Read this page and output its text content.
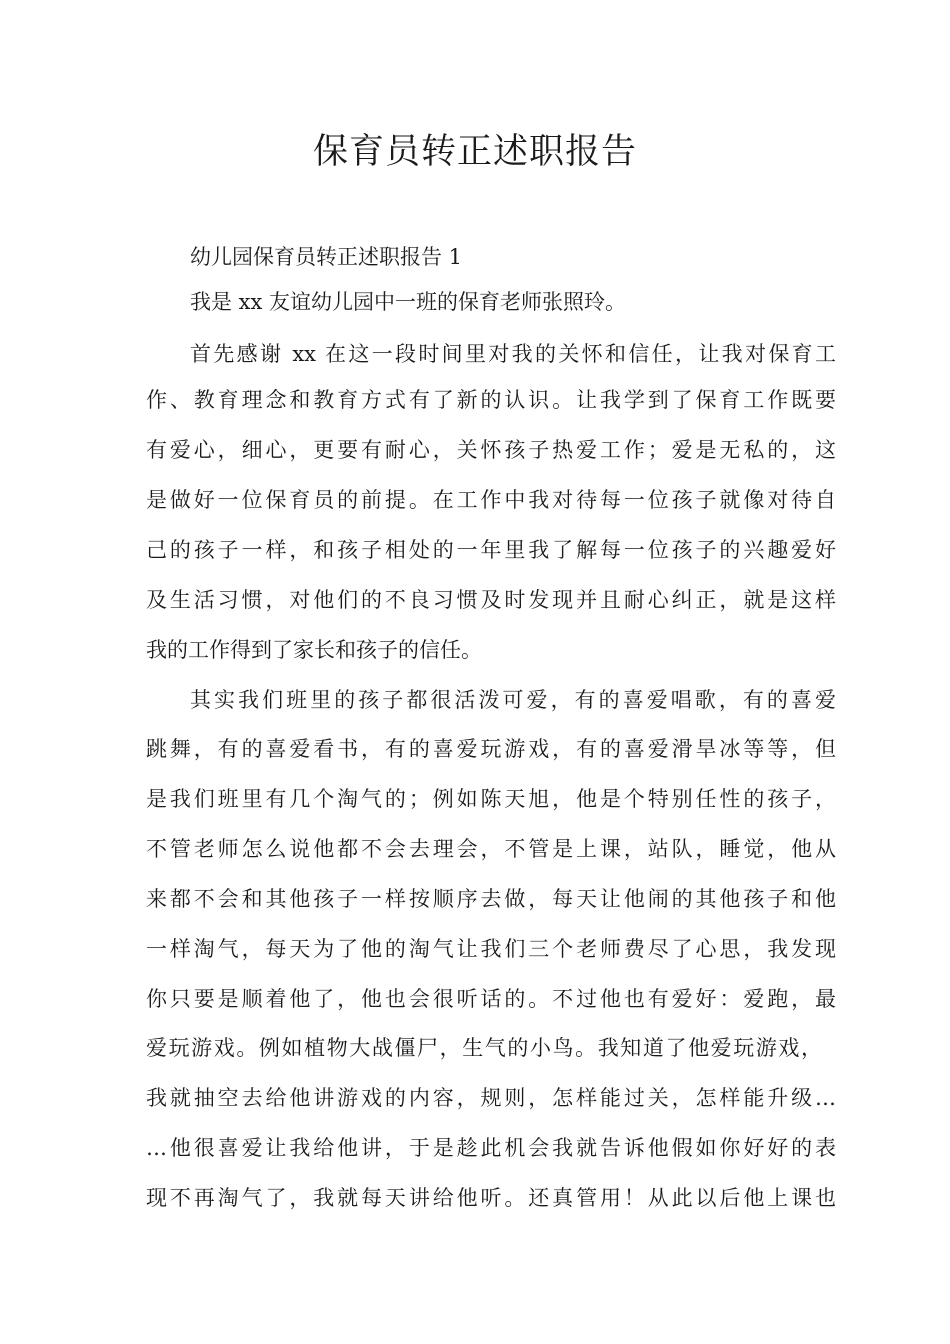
保育员转正述职报告

幼儿园保育员转正述职报告 1

我是 xx 友谊幼儿园中一班的保育老师张照玲。

首先感谢 xx 在这一段时间里对我的关怀和信任，让我对保育工

作、教育理念和教育方式有了新的认识。让我学到了保育工作既要

有爱心，细心，更要有耐心，关怀孩子热爱工作；爱是无私的，这

是做好一位保育员的前提。在工作中我对待每一位孩子就像对待自

己的孩子一样，和孩子相处的一年里我了解每一位孩子的兴趣爱好

及生活习惯，对他们的不良习惯及时发现并且耐心纠正，就是这样

我的工作得到了家长和孩子的信任。

其实我们班里的孩子都很活泼可爱，有的喜爱唱歌，有的喜爱

跳舞，有的喜爱看书，有的喜爱玩游戏，有的喜爱滑旱冰等等，但

是我们班里有几个淘气的；例如陈天旭，他是个特别任性的孩子，

不管老师怎么说他都不会去理会，不管是上课，站队，睡觉，他从

来都不会和其他孩子一样按顺序去做，每天让他闹的其他孩子和他

一样淘气，每天为了他的淘气让我们三个老师费尽了心思，我发现

你只要是顺着他了，他也会很听话的。不过他也有爱好：爱跑，最

爱玩游戏。例如植物大战僵尸，生气的小鸟。我知道了他爱玩游戏，

我就抽空去给他讲游戏的内容，规则，怎样能过关，怎样能升级…

…他很喜爱让我给他讲，于是趁此机会我就告诉他假如你好好的表

现不再淘气了，我就每天讲给他听。还真管用！从此以后他上课也
